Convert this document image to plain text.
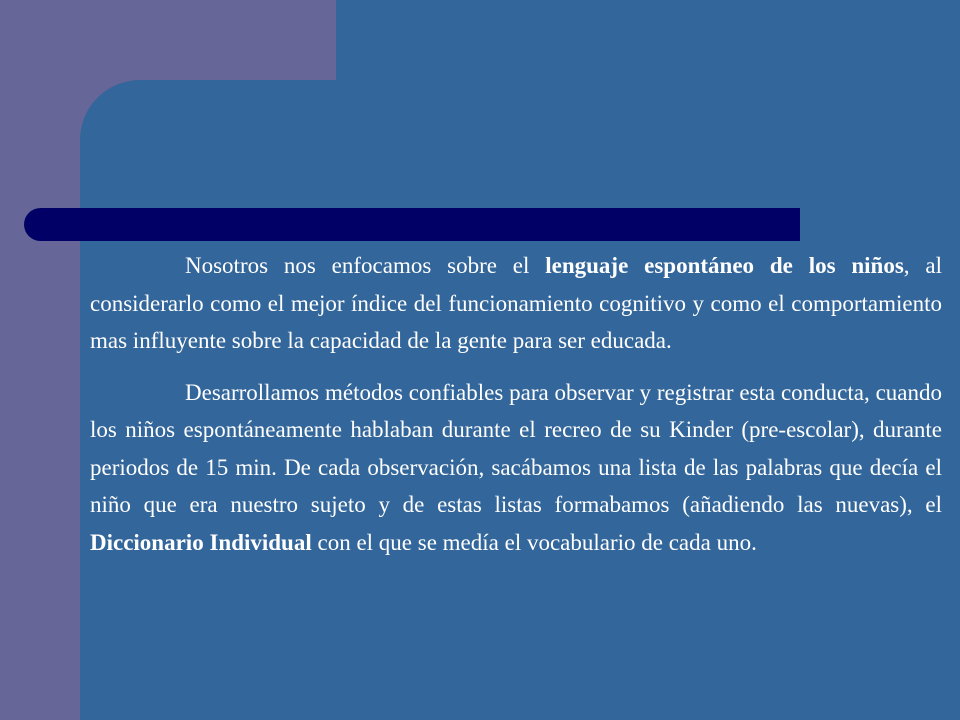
Nosotros nos enfocamos sobre el lenguaje espontáneo de los niños, al considerarlo como el mejor índice del funcionamiento cognitivo y como el comportamiento mas influyente sobre la capacidad de la gente para ser educada.

Desarrollamos métodos confiables para observar y registrar esta conducta, cuando los niños espontáneamente hablaban durante el recreo de su Kinder (pre-escolar), durante periodos de 15 min. De cada observación, sacábamos una lista de las palabras que decía el niño que era nuestro sujeto y de estas listas formabamos (añadiendo las nuevas), el Diccionario Individual con el que se medía el vocabulario de cada uno.
